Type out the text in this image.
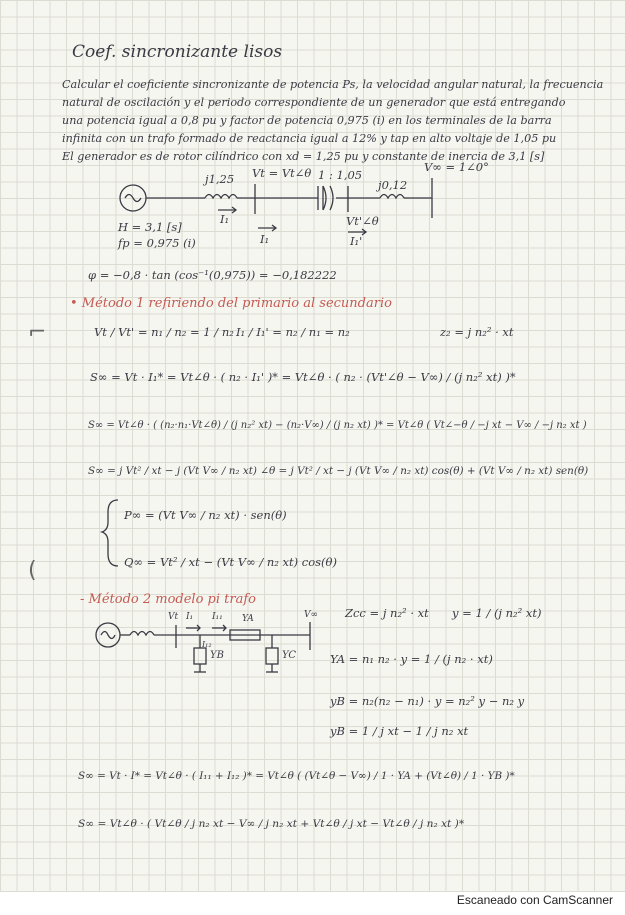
Coef. sincronizante lisos
Calcular el coeficiente sincronizante de potencia Ps, la velocidad angular natural, la frecuencia
natural de oscilación y el periodo correspondiente de un generador que está entregando
una potencia igual a 0,8 pu y factor de potencia 0,975 (i) en los terminales de la barra
infinita con un trafo formado de reactancia igual a 12% y tap en alto voltaje de 1,05 pu
El generador es de rotor cilíndrico con xd = 1,25 pu y constante de inercia de 3,1 [s]
j1,25 Vt = Vt∠θ 1 : 1,05
j0,12
V∞ = 1∠0°
I₁
I₁
Vt'∠θ
I₁'
H = 3,1 [s]
fp = 0,975 (i)
φ = −0,8 · tan (cos⁻¹(0,975)) = −0,182222
• Método 1 refiriendo del primario al secundario
⌐
(
Vt / Vt' = n₁ / n₂ = 1 / n₂ I₁ / I₁' = n₂ / n₁ = n₂	z₂ = j n₂² · xt
S∞ = Vt · I₁* = Vt∠θ · ( n₂ · I₁' )* = Vt∠θ · ( n₂ · (Vt'∠θ − V∞) / (j n₂² xt) )*
S∞ = Vt∠θ · ( (n₂·n₁·Vt∠θ) / (j n₂² xt) − (n₂·V∞) / (j n₂ xt) )* = Vt∠θ ( Vt∠−θ / −j xt − V∞ / −j n₂ xt )
S∞ = j Vt² / xt − j (Vt V∞ / n₂ xt) ∠θ = j Vt² / xt − j (Vt V∞ / n₂ xt) cos(θ) + (Vt V∞ / n₂ xt) sen(θ)
P∞ = (Vt V∞ / n₂ xt) · sen(θ)
Q∞ = Vt² / xt − (Vt V∞ / n₂ xt) cos(θ)
- Método 2 modelo pi trafo
Vt I₁ I₁₁
I₁₂
YA
YB	YC
V∞ Zcc = j n₂² · xt y = 1 / (j n₂² xt)
YA = n₁ n₂ · y = 1 / (j n₂ · xt)
yB = n₂(n₂ − n₁) · y = n₂² y − n₂ y
yB = 1 / j xt − 1 / j n₂ xt
S∞ = Vt · I* = Vt∠θ · ( I₁₁ + I₁₂ )* = Vt∠θ ( (Vt∠θ − V∞) / 1 · YA + (Vt∠θ) / 1 · YB )*
S∞ = Vt∠θ · ( Vt∠θ / j n₂ xt − V∞ / j n₂ xt + Vt∠θ / j xt − Vt∠θ / j n₂ xt )*
Escaneado con CamScanner
